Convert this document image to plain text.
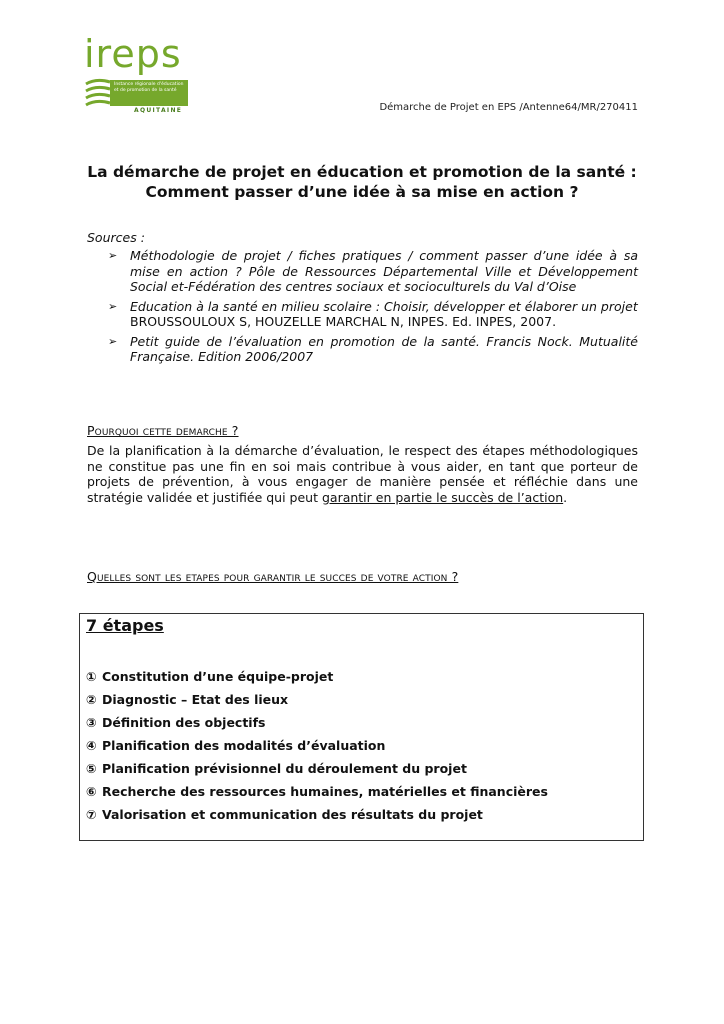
ireps
Instance régionale d'éducation et de promotion de la santé
AQUITAINE	Démarche de Projet en EPS /Antenne64/MR/270411
La démarche de projet en éducation et promotion de la santé :
Comment passer d’une idée à sa mise en action ?
Sources :
➢ Méthodologie de projet / fiches pratiques / comment passer d’une idée à sa mise en action ? Pôle de Ressources Départemental Ville et Développement Social et-Fédération des centres sociaux et socioculturels du Val d’Oise
➢ Education à la santé en milieu scolaire : Choisir, développer et élaborer un projet
BROUSSOULOUX S, HOUZELLE MARCHAL N, INPES. Ed. INPES, 2007.
➢ Petit guide de l’évaluation en promotion de la santé. Francis Nock. Mutualité Française. Edition 2006/2007
Pourquoi cette demarche ?

De la planification à la démarche d’évaluation, le respect des étapes méthodologiques ne constitue pas une fin en soi mais contribue à vous aider, en tant que porteur de projets de prévention, à vous engager de manière pensée et réfléchie dans une stratégie validée et justifiée qui peut garantir en partie le succès de l’action.

Quelles sont les etapes pour garantir le succes de votre action ?
7 étapes
① Constitution d’une équipe-projet
② Diagnostic – Etat des lieux
③ Définition des objectifs
④ Planification des modalités d’évaluation
⑤ Planification prévisionnel du déroulement du projet
⑥ Recherche des ressources humaines, matérielles et financières
⑦ Valorisation et communication des résultats du projet
